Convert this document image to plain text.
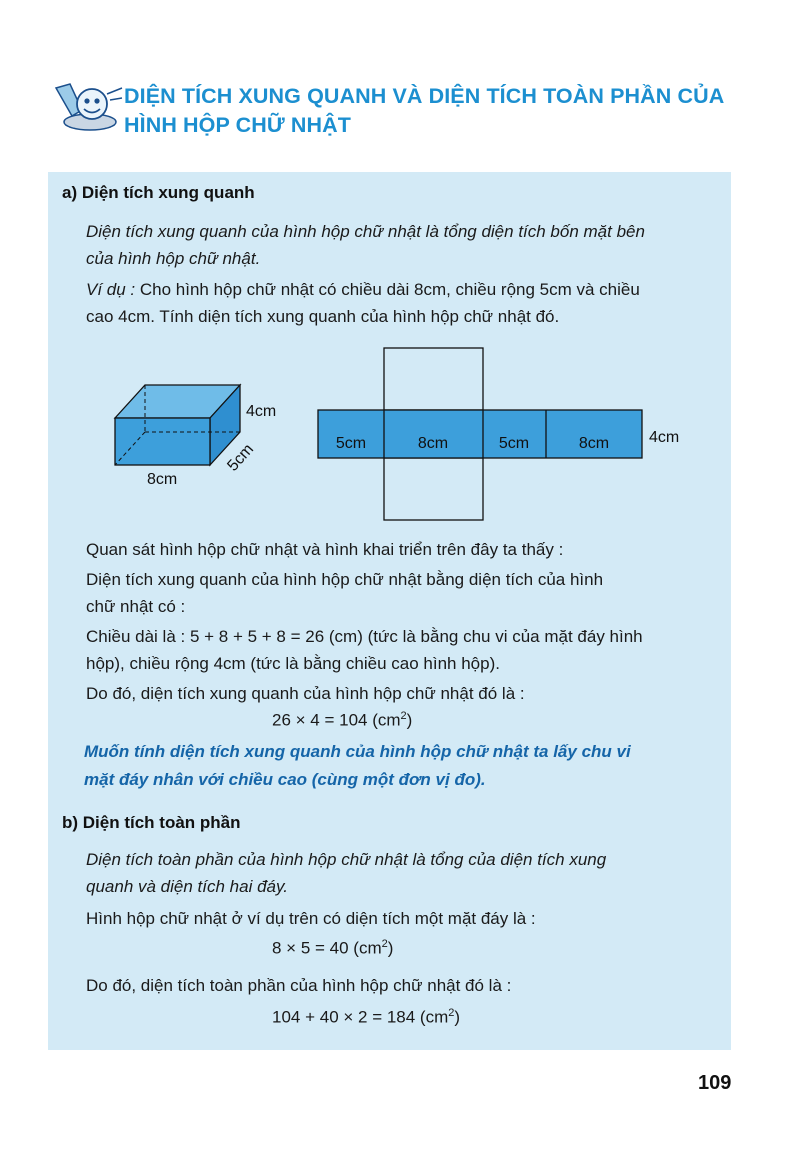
DIỆN TÍCH XUNG QUANH VÀ DIỆN TÍCH TOÀN PHẦN CỦA
HÌNH HỘP CHỮ NHẬT
a) Diện tích xung quanh
Diện tích xung quanh của hình hộp chữ nhật là tổng diện tích bốn mặt bên
của hình hộp chữ nhật.
Ví dụ : Cho hình hộp chữ nhật có chiều dài 8cm, chiều rộng 5cm và chiều
cao 4cm. Tính diện tích xung quanh của hình hộp chữ nhật đó.
4cm
8cm
5cm	5cm	8cm	5cm	8cm 4cm
Quan sát hình hộp chữ nhật và hình khai triển trên đây ta thấy :
Diện tích xung quanh của hình hộp chữ nhật bằng diện tích của hình
chữ nhật có :
Chiều dài là : 5 + 8 + 5 + 8 = 26 (cm) (tức là bằng chu vi của mặt đáy hình
hộp), chiều rộng 4cm (tức là bằng chiều cao hình hộp).
Do đó, diện tích xung quanh của hình hộp chữ nhật đó là :
26 × 4 = 104 $(cm^2)$
Muốn tính diện tích xung quanh của hình hộp chữ nhật ta lấy chu vi
mặt đáy nhân với chiều cao (cùng một đơn vị đo).
b) Diện tích toàn phần
Diện tích toàn phần của hình hộp chữ nhật là tổng của diện tích xung
quanh và diện tích hai đáy.
Hình hộp chữ nhật ở ví dụ trên có diện tích một mặt đáy là :
8 × 5 = 40 $(cm^2)$
Do đó, diện tích toàn phần của hình hộp chữ nhật đó là :
104 + 40 × 2 = 184 $(cm^2)$
109
